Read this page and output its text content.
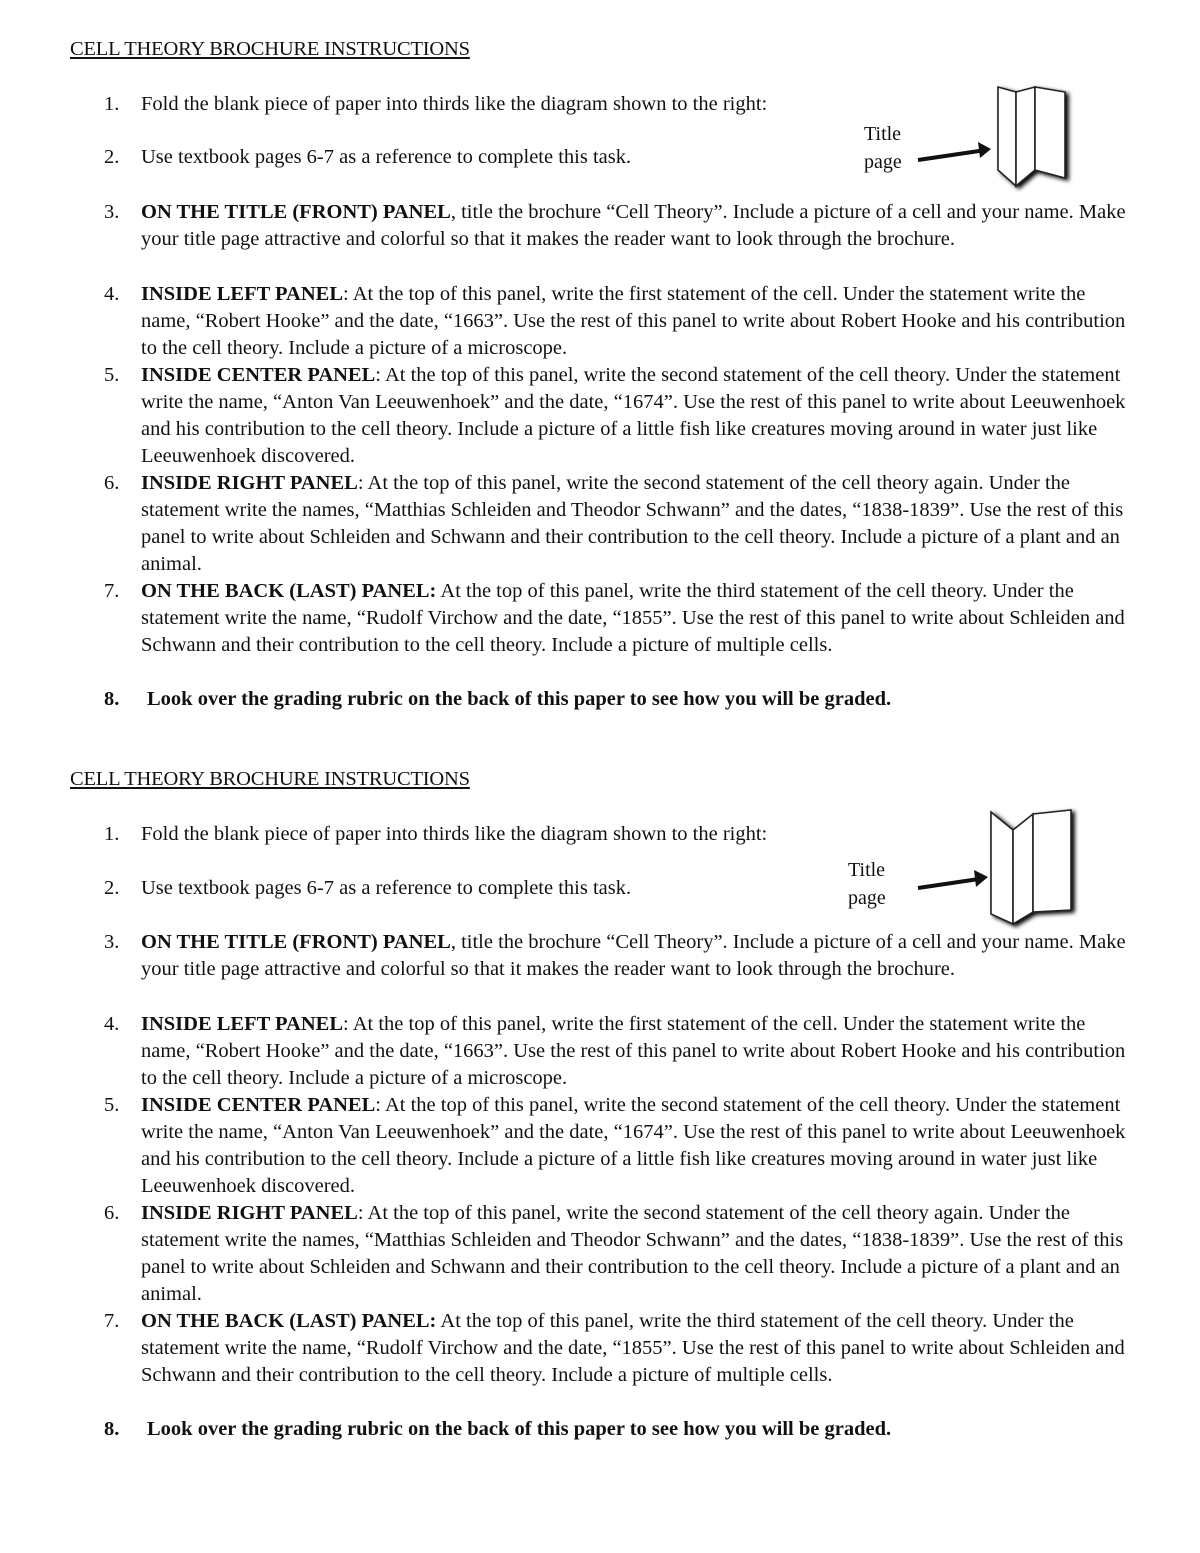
CELL THEORY BROCHURE INSTRUCTIONS
1.	Fold the blank piece of paper into thirds like the diagram shown to the right:
2.	Use textbook pages 6-7 as a reference to complete this task.
3.	ON THE TITLE (FRONT) PANEL, title the brochure “Cell Theory”. Include a picture of a cell and your name. Make your title page attractive and colorful so that it makes the reader want to look through the brochure.
4.	INSIDE LEFT PANEL: At the top of this panel, write the first statement of the cell. Under the statement write the name, “Robert Hooke” and the date, “1663”. Use the rest of this panel to write about Robert Hooke and his contribution to the cell theory. Include a picture of a microscope.
5.	INSIDE CENTER PANEL: At the top of this panel, write the second statement of the cell theory. Under the statement write the name, “Anton Van Leeuwenhoek” and the date, “1674”. Use the rest of this panel to write about Leeuwenhoek and his contribution to the cell theory. Include a picture of a little fish like creatures moving around in water just like Leeuwenhoek discovered.
6.	INSIDE RIGHT PANEL: At the top of this panel, write the second statement of the cell theory again. Under the statement write the names, “Matthias Schleiden and Theodor Schwann” and the dates, “1838-1839”. Use the rest of this panel to write about Schleiden and Schwann and their contribution to the cell theory. Include a picture of a plant and an animal.
7.	ON THE BACK (LAST) PANEL: At the top of this panel, write the third statement of the cell theory. Under the statement write the name, “Rudolf Virchow and the date, “1855”. Use the rest of this panel to write about Schleiden and Schwann and their contribution to the cell theory. Include a picture of multiple cells.
8.	Look over the grading rubric on the back of this paper to see how you will be graded.
Title
page
CELL THEORY BROCHURE INSTRUCTIONS
1.	Fold the blank piece of paper into thirds like the diagram shown to the right:
2.	Use textbook pages 6-7 as a reference to complete this task.
3.	ON THE TITLE (FRONT) PANEL, title the brochure “Cell Theory”. Include a picture of a cell and your name. Make your title page attractive and colorful so that it makes the reader want to look through the brochure.
4.	INSIDE LEFT PANEL: At the top of this panel, write the first statement of the cell. Under the statement write the name, “Robert Hooke” and the date, “1663”. Use the rest of this panel to write about Robert Hooke and his contribution to the cell theory. Include a picture of a microscope.
5.	INSIDE CENTER PANEL: At the top of this panel, write the second statement of the cell theory. Under the statement write the name, “Anton Van Leeuwenhoek” and the date, “1674”. Use the rest of this panel to write about Leeuwenhoek and his contribution to the cell theory. Include a picture of a little fish like creatures moving around in water just like Leeuwenhoek discovered.
6.	INSIDE RIGHT PANEL: At the top of this panel, write the second statement of the cell theory again. Under the statement write the names, “Matthias Schleiden and Theodor Schwann” and the dates, “1838-1839”. Use the rest of this panel to write about Schleiden and Schwann and their contribution to the cell theory. Include a picture of a plant and an animal.
7.	ON THE BACK (LAST) PANEL: At the top of this panel, write the third statement of the cell theory. Under the statement write the name, “Rudolf Virchow and the date, “1855”. Use the rest of this panel to write about Schleiden and Schwann and their contribution to the cell theory. Include a picture of multiple cells.
8.	Look over the grading rubric on the back of this paper to see how you will be graded.
Title
page
